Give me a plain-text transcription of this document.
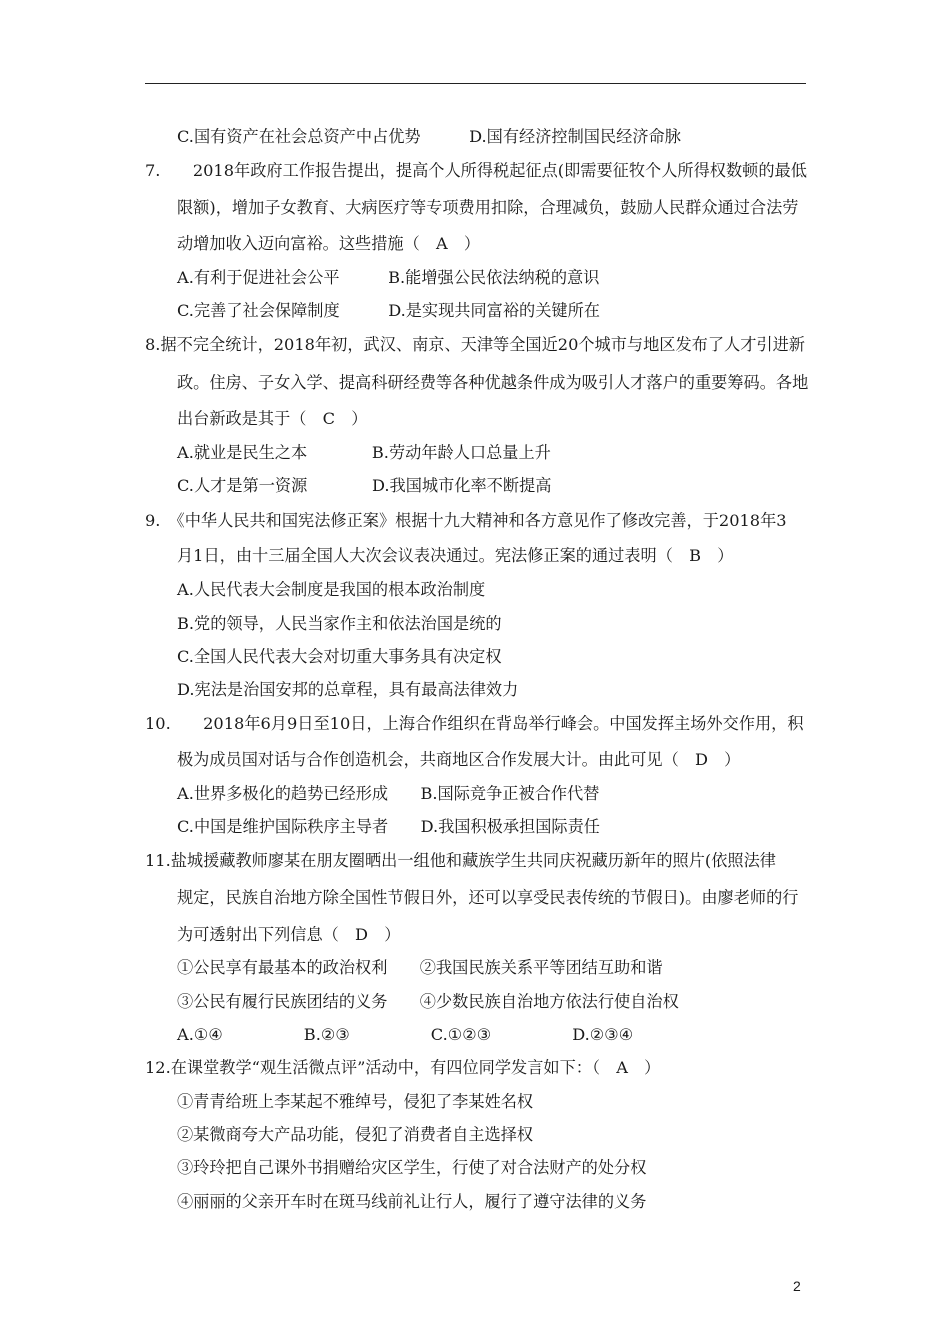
C.国有资产在社会总资产中占优势　　　D.国有经济控制国民经济命脉
7.　　2018年政府工作报告提出，提高个人所得税起征点(即需要征牧个人所得权数顿的最低
限额)，增加子女教育、大病医疗等专项费用扣除，合理减负，鼓励人民群众通过合法劳
动增加收入迈向富裕。这些措施（　A　）
A.有利于促进社会公平　　　B.能增强公民依法纳税的意识
C.完善了社会保障制度　　　D.是实现共同富裕的关键所在
8.据不完全统计，2018年初，武汉、南京、天津等全国近20个城市与地区发布了人才引进新
政。住房、子女入学、提高科研经费等各种优越条件成为吸引人才落户的重要筹码。各地
出台新政是其于（　C　）
A.就业是民生之本　　　　B.劳动年龄人口总量上升
C.人才是第一资源　　　　D.我国城市化率不断提高
9.　《中华人民共和国宪法修正案》根据十九大精神和各方意见作了修改完善，于2018年3
月1日，由十三届全国人大次会议表决通过。宪法修正案的通过表明（　B　）
A.人民代表大会制度是我国的根本政治制度
B.党的领导，人民当家作主和依法治国是统的
C.全国人民代表大会对切重大事务具有决定权
D.宪法是治国安邦的总章程，具有最高法律效力
10.　　2018年6月9日至10日，上海合作组织在背岛举行峰会。中国发挥主场外交作用，积
极为成员国对话与合作创造机会，共商地区合作发展大计。由此可见（　D　）
A.世界多极化的趋势已经形成　　B.国际竞争正被合作代替
C.中国是维护国际秩序主导者　　D.我国积极承担国际责任
11.盐城援藏教师廖某在朋友圈晒出一组他和藏族学生共同庆祝藏历新年的照片(依照法律
规定，民族自治地方除全国性节假日外，还可以享受民表传统的节假日)。由廖老师的行
为可透射出下列信息（　D　）
①公民享有最基本的政治权利　　②我国民族关系平等团结互助和谐
③公民有履行民族团结的义务　　④少数民族自治地方依法行使自治权
A.①④　　　　　B.②③　　　　　C.①②③　　　　　D.②③④
12.在课堂教学“观生活微点评”活动中，有四位同学发言如下：（　A　）
①青青给班上李某起不雅绰号，侵犯了李某姓名权
②某微商夸大产品功能，侵犯了消费者自主选择权
③玲玲把自己课外书捐赠给灾区学生，行使了对合法财产的处分权
④丽丽的父亲开车时在斑马线前礼让行人，履行了遵守法律的义务
2
